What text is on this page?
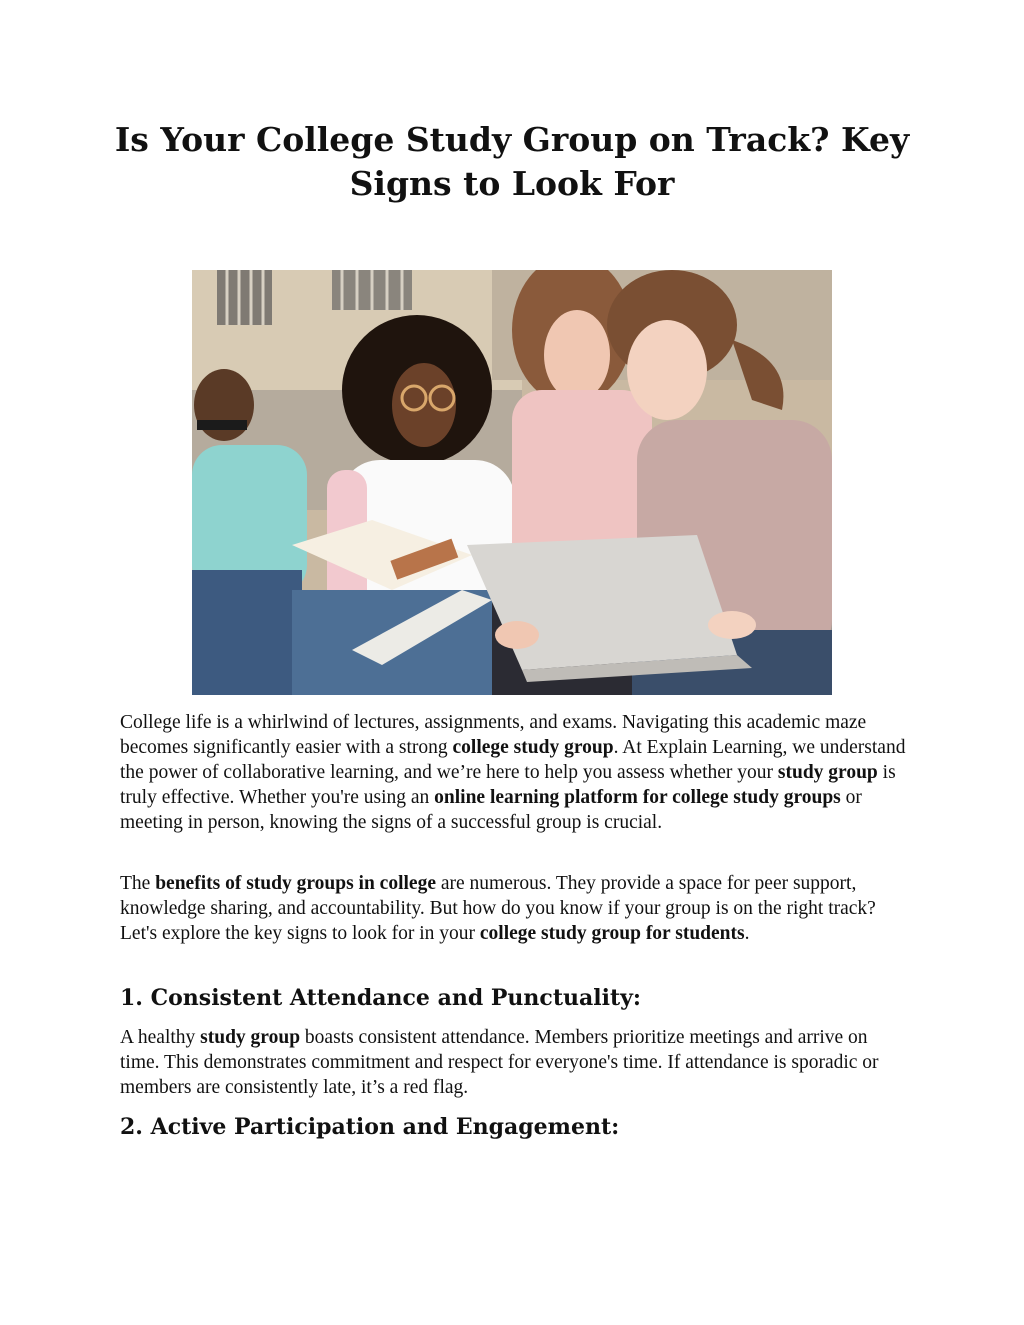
Is Your College Study Group on Track? Key Signs to Look For

College life is a whirlwind of lectures, assignments, and exams. Navigating this academic maze becomes significantly easier with a strong college study group. At Explain Learning, we understand the power of collaborative learning, and we’re here to help you assess whether your study group is truly effective. Whether you're using an online learning platform for college study groups or meeting in person, knowing the signs of a successful group is crucial.

The benefits of study groups in college are numerous. They provide a space for peer support, knowledge sharing, and accountability. But how do you know if your group is on the right track? Let's explore the key signs to look for in your college study group for students.

1. Consistent Attendance and Punctuality:

A healthy study group boasts consistent attendance. Members prioritize meetings and arrive on time. This demonstrates commitment and respect for everyone's time. If attendance is sporadic or members are consistently late, it’s a red flag.

2. Active Participation and Engagement:
